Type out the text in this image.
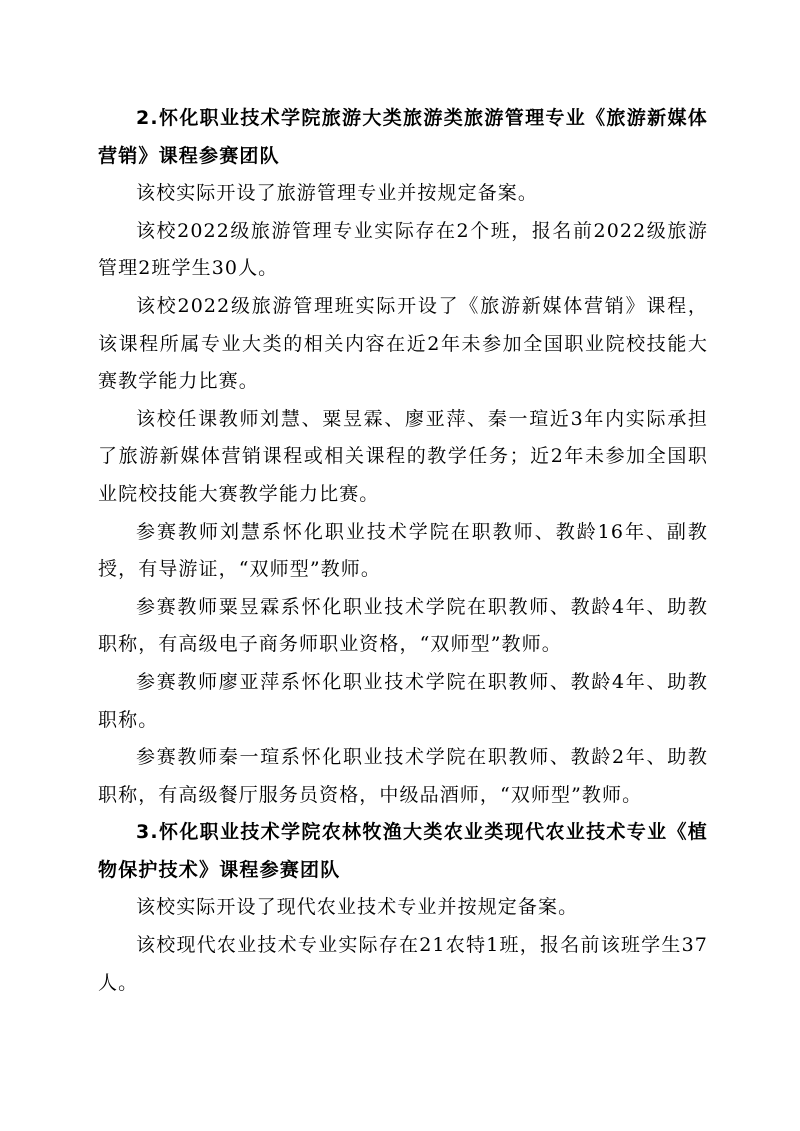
2.怀化职业技术学院旅游大类旅游类旅游管理专业《旅游新媒体营销》课程参赛团队

该校实际开设了旅游管理专业并按规定备案。

该校2022级旅游管理专业实际存在2个班，报名前2022级旅游管理2班学生30人。

该校2022级旅游管理班实际开设了《旅游新媒体营销》课程，该课程所属专业大类的相关内容在近2年未参加全国职业院校技能大赛教学能力比赛。

该校任课教师刘慧、粟昱霖、廖亚萍、秦一瑄近3年内实际承担了旅游新媒体营销课程或相关课程的教学任务；近2年未参加全国职业院校技能大赛教学能力比赛。

参赛教师刘慧系怀化职业技术学院在职教师、教龄16年、副教授，有导游证，“双师型”教师。

参赛教师粟昱霖系怀化职业技术学院在职教师、教龄4年、助教职称，有高级电子商务师职业资格，“双师型”教师。

参赛教师廖亚萍系怀化职业技术学院在职教师、教龄4年、助教职称。

参赛教师秦一瑄系怀化职业技术学院在职教师、教龄2年、助教职称，有高级餐厅服务员资格，中级品酒师，“双师型”教师。

3.怀化职业技术学院农林牧渔大类农业类现代农业技术专业《植物保护技术》课程参赛团队

该校实际开设了现代农业技术专业并按规定备案。

该校现代农业技术专业实际存在21农特1班，报名前该班学生37人。
